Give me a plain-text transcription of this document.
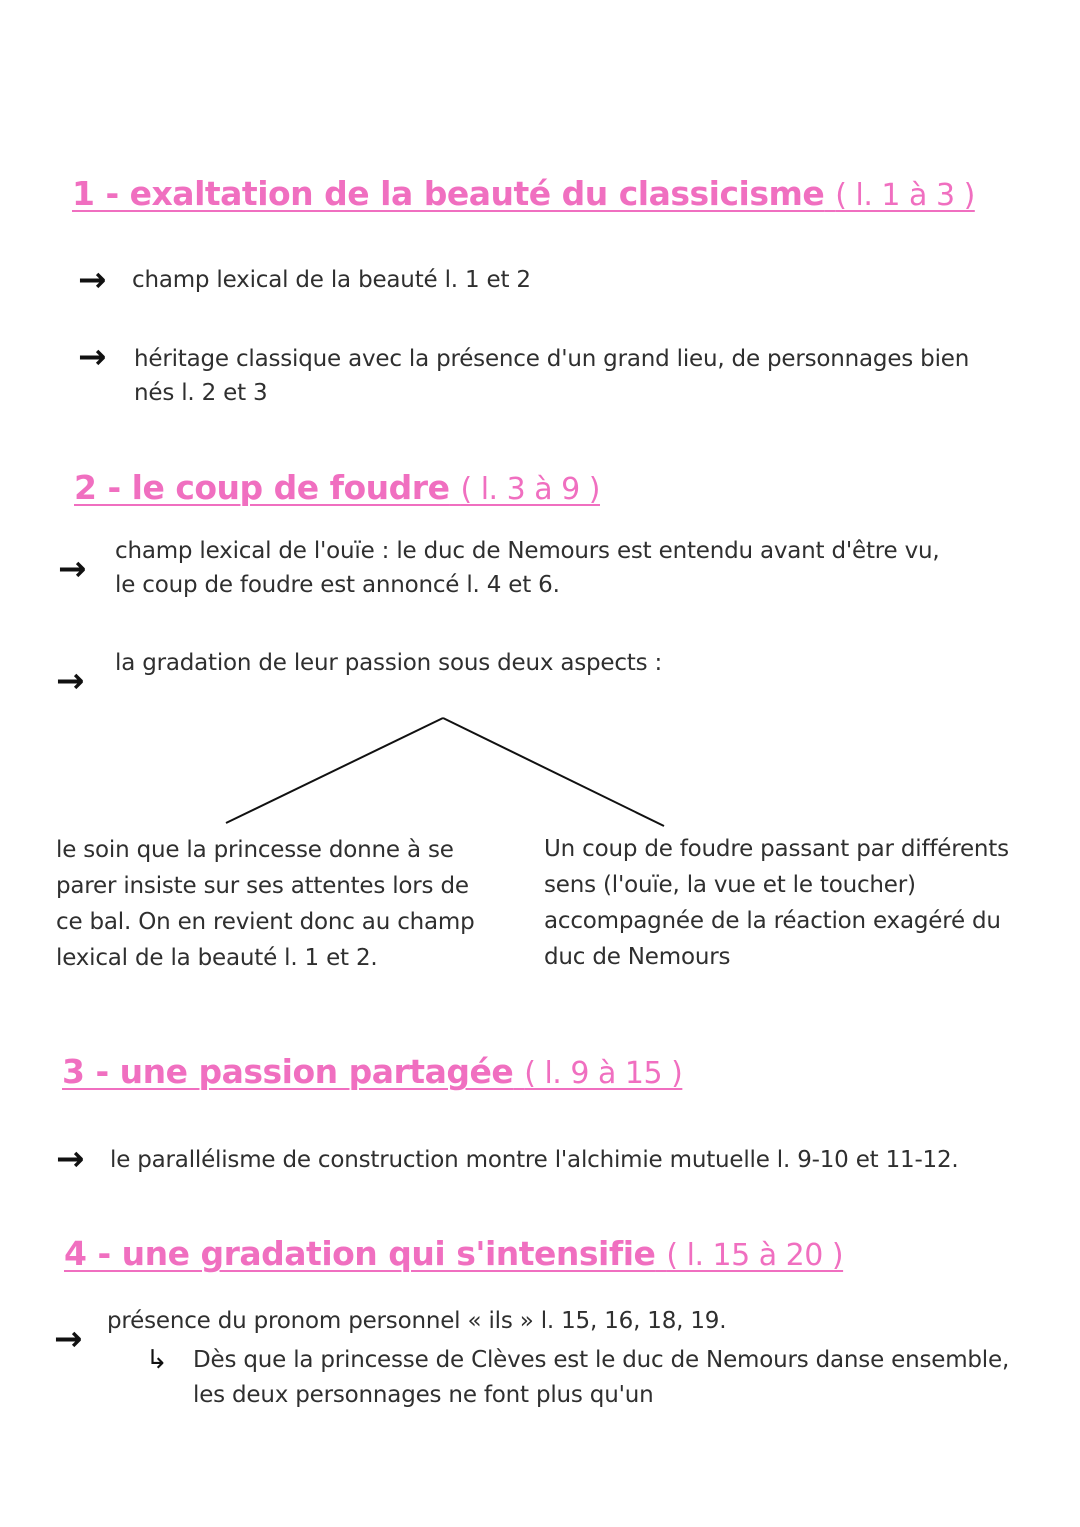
1 - exaltation de la beauté du classicisme ( l. 1 à 3 )
→ champ lexical de la beauté l. 1 et 2
→ héritage classique avec la présence d'un grand lieu, de personnages bien nés l. 2 et 3
2 - le coup de foudre ( l. 3 à 9 )
→ champ lexical de l'ouïe : le duc de Nemours est entendu avant d'être vu, le coup de foudre est annoncé l. 4 et 6.
→ la gradation de leur passion sous deux aspects :
le soin que la princesse donne à se parer insiste sur ses attentes lors de ce bal. On en revient donc au champ lexical de la beauté l. 1 et 2.
Un coup de foudre passant par différents sens (l'ouïe, la vue et le toucher) accompagnée de la réaction exagéré du duc de Nemours
3 - une passion partagée ( l. 9 à 15 )
→ le parallélisme de construction montre l'alchimie mutuelle l. 9-10 et 11-12.
4 - une gradation qui s'intensifie ( l. 15 à 20 )
→ présence du pronom personnel « ils » l. 15, 16, 18, 19.
↳ Dès que la princesse de Clèves est le duc de Nemours danse ensemble, les deux personnages ne font plus qu'un
